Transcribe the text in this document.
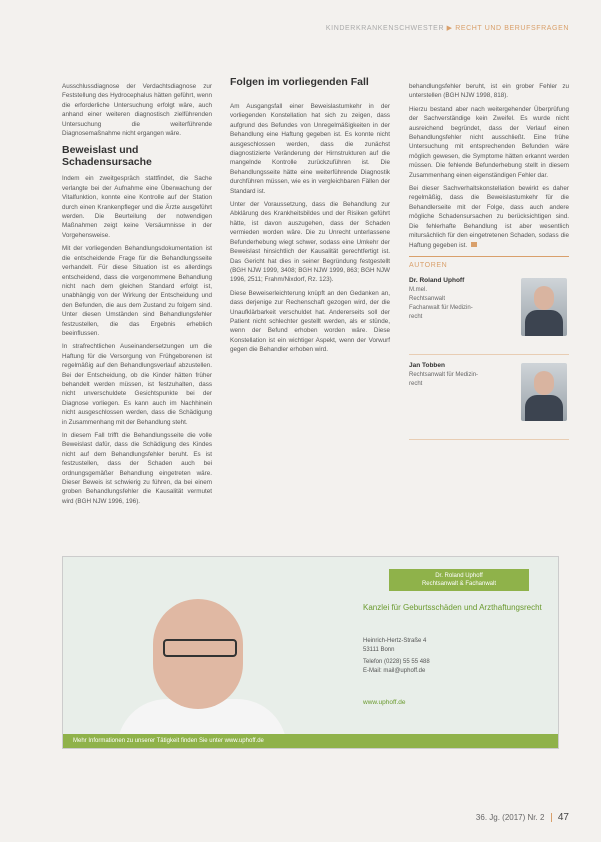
KINDERKRANKENSCHWESTER ▶ RECHT UND BERUFSFRAGEN

Ausschlussdiagnose der Verdachtsdiagnose zur Feststellung des Hydrocephalus hätten geführt, wenn die erforderliche Untersuchung erfolgt wäre, auch anhand einer weiteren diagnostisch zielführenden Untersuchung die weiterführende Diagnosemaßnahme nicht ergangen wäre.

Beweislast und
Schadensursache

Indem ein zweitgespräch stattfindet, die Sache verlangte bei der Aufnahme eine Überwachung der Vitalfunktion, konnte eine Kontrolle auf der Station durch einen Krankenpfleger und die Ärzte ausgeführt werden. Die Beurteilung der notwendigen Maßnahmen zeigt keine Versäumnisse in der Vorgehensweise.

Mit der vorliegenden Behandlungsdokumentation ist die entscheidende Frage für die Behandlungsseite verhandelt. Für diese Situation ist es allerdings entscheidend, dass die vorgenommene Behandlung nicht nach dem gleichen Standard erfolgt ist, unabhängig von der Wirkung der Entscheidung und den Befunden, die aus dem Zustand zu folgern sind. Unter diesen Umständen sind Behandlungsfehler festzustellen, die das Ergebnis erheblich beeinflussen.

In strafrechtlichen Auseinandersetzungen um die Haftung für die Versorgung von Frühgeborenen ist regelmäßig auf den Behandlungsverlauf abzustellen. Bei der Entscheidung, ob die Kinder hätten früher behandelt werden müssen, ist festzuhalten, dass nicht unverschuldete Gesichtspunkte bei der Diagnose vorliegen. Es kann auch im Nachhinein nicht ausgeschlossen werden, dass die Schädigung in Zusammenhang mit der Behandlung steht.

In diesem Fall trifft die Behandlungsseite die volle Beweislast dafür, dass die Schädigung des Kindes nicht auf dem Behandlungsfehler beruht. Es ist festzustellen, dass der Schaden auch bei ordnungsgemäßer Behandlung eingetreten wäre. Dieser Beweis ist schwierig zu führen, da bei einem groben Behandlungsfehler die Kausalität vermutet wird (BGH NJW 1996, 196).

Folgen im vorliegenden Fall

Am Ausgangsfall einer Beweislastumkehr in der vorliegenden Konstellation hat sich zu zeigen, dass aufgrund des Befundes von Unregelmäßigkeiten in der Behandlung eine Haftung gegeben ist. Es konnte nicht ausgeschlossen werden, dass die zunächst diagnostizierte Veränderung der Hirnstrukturen auf die mangelnde Kontrolle zurückzuführen ist. Die Behandlungsseite hätte eine weiterführende Diagnostik durchführen müssen, wie es in vergleichbaren Fällen der Standard ist.

Unter der Voraussetzung, dass die Behandlung zur Abklärung des Krankheitsbildes und der Risiken geführt hätte, ist davon auszugehen, dass der Schaden vermieden worden wäre. Die zu Unrecht unterlassene Befunderhebung wiegt schwer, sodass eine Umkehr der Beweislast hinsichtlich der Kausalität gerechtfertigt ist. Das Gericht hat dies in seiner Begründung festgestellt (BGH NJW 1999, 3408; BGH NJW 1999, 863; BGH NJW 1996, 2511; Frahm/Nixdorf, Rz. 123).

Diese Beweiserleichterung knüpft an den Gedanken an, dass derjenige zur Rechenschaft gezogen wird, der die Unaufklärbarkeit verschuldet hat. Andererseits soll der Patient nicht schlechter gestellt werden, als er stünde, wenn der Befund erhoben worden wäre. Diese Konstellation ist ein wichtiger Aspekt, wenn der Vorwurf gegen die Behandler erhoben wird.

behandlungsfehler beruht, ist ein grober Fehler zu unterstellen (BGH NJW 1998, 818).

Hierzu bestand aber nach weitergehender Überprüfung der Sachverständige kein Zweifel. Es wurde nicht ausreichend begründet, dass der Verlauf einen Behandlungsfehler nicht ausschließt. Eine frühe Untersuchung mit entsprechenden Befunden wäre möglich gewesen, die Symptome hätten erkannt werden müssen. Die fehlende Befunderhebung stellt in diesem Zusammenhang einen eigenständigen Fehler dar.

Bei dieser Sachverhaltskonstellation bewirkt es daher regelmäßig, dass die Beweislastumkehr für die Behandlerseite mit der Folge, dass auch andere mögliche Schadensursachen zu berücksichtigen sind. Die fehlerhafte Behandlung ist aber wesentlich mitursächlich für den eingetretenen Schaden, sodass die Haftung gegeben ist.

AUTOREN
Dr. Roland Uphoff
M.mel.
Rechtsanwalt
Fachanwalt für Medizin-
recht
Jan Tobben
Rechtsanwalt für Medizin-
recht
Dr. Roland Uphoff
Rechtsanwalt & Fachanwalt
Kanzlei für Geburtsschäden und Arzthaftungsrecht
Heinrich-Hertz-Straße 4
53111 Bonn
Telefon (0228) 55 55 488
E-Mail: mail@uphoff.de
www.uphoff.de
Mehr Informationen zu unserer Tätigkeit finden Sie unter www.uphoff.de
36. Jg. (2017) Nr. 2 47
